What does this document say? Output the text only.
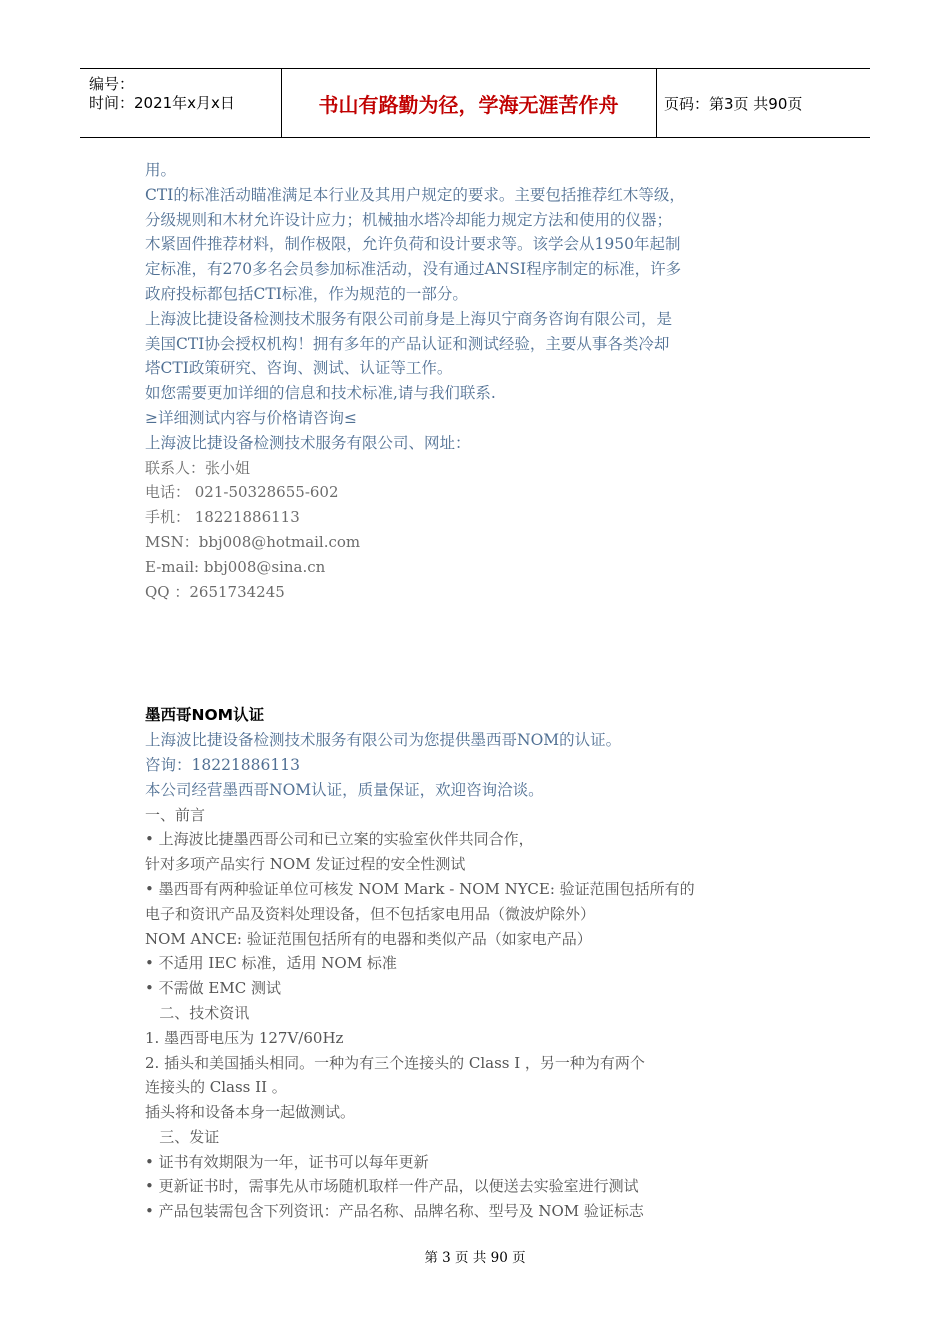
编号：
时间：2021年x月x日	书山有路勤为径，学海无涯苦作舟	页码：第3页 共90页
用。
CTI的标准活动瞄准满足本行业及其用户规定的要求。主要包括推荐红木等级，
分级规则和木材允许设计应力；机械抽水塔冷却能力规定方法和使用的仪器；
木紧固件推荐材料，制作极限，允许负荷和设计要求等。该学会从1950年起制
定标准，有270多名会员参加标准活动，没有通过ANSI程序制定的标准，许多
政府投标都包括CTI标准，作为规范的一部分。
上海波比捷设备检测技术服务有限公司前身是上海贝宁商务咨询有限公司，是
美国CTI协会授权机构！拥有多年的产品认证和测试经验，主要从事各类冷却
塔CTI政策研究、咨询、测试、认证等工作。
如您需要更加详细的信息和技术标准,请与我们联系.
≥详细测试内容与价格请咨询≤
上海波比捷设备检测技术服务有限公司、网址：
联系人：张小姐
电话： 021-50328655-602
手机： 18221886113
MSN：bbj008@hotmail.com
E-mail: bbj008@sina.cn
QQ ：2651734245
墨西哥NOM认证
上海波比捷设备检测技术服务有限公司为您提供墨西哥NOM的认证。
咨询：18221886113
本公司经营墨西哥NOM认证，质量保证，欢迎咨询洽谈。
一、前言
• 上海波比捷墨西哥公司和已立案的实验室伙伴共同合作，
针对多项产品实行 NOM 发证过程的安全性测试
• 墨西哥有两种验证单位可核发 NOM Mark - NOM NYCE: 验证范围包括所有的
电子和资讯产品及资料处理设备，但不包括家电用品（微波炉除外）
NOM ANCE: 验证范围包括所有的电器和类似产品（如家电产品）
• 不适用 IEC 标准，适用 NOM 标准
• 不需做 EMC 测试
二、技术资讯
1. 墨西哥电压为 127V/60Hz
2. 插头和美国插头相同。一种为有三个连接头的 Class I ，另一种为有两个
连接头的 Class II 。
插头将和设备本身一起做测试。
三、发证
• 证书有效期限为一年，证书可以每年更新
• 更新证书时，需事先从市场随机取样一件产品，以便送去实验室进行测试
• 产品包装需包含下列资讯：产品名称、品牌名称、型号及 NOM 验证标志
第 3 页 共 90 页
